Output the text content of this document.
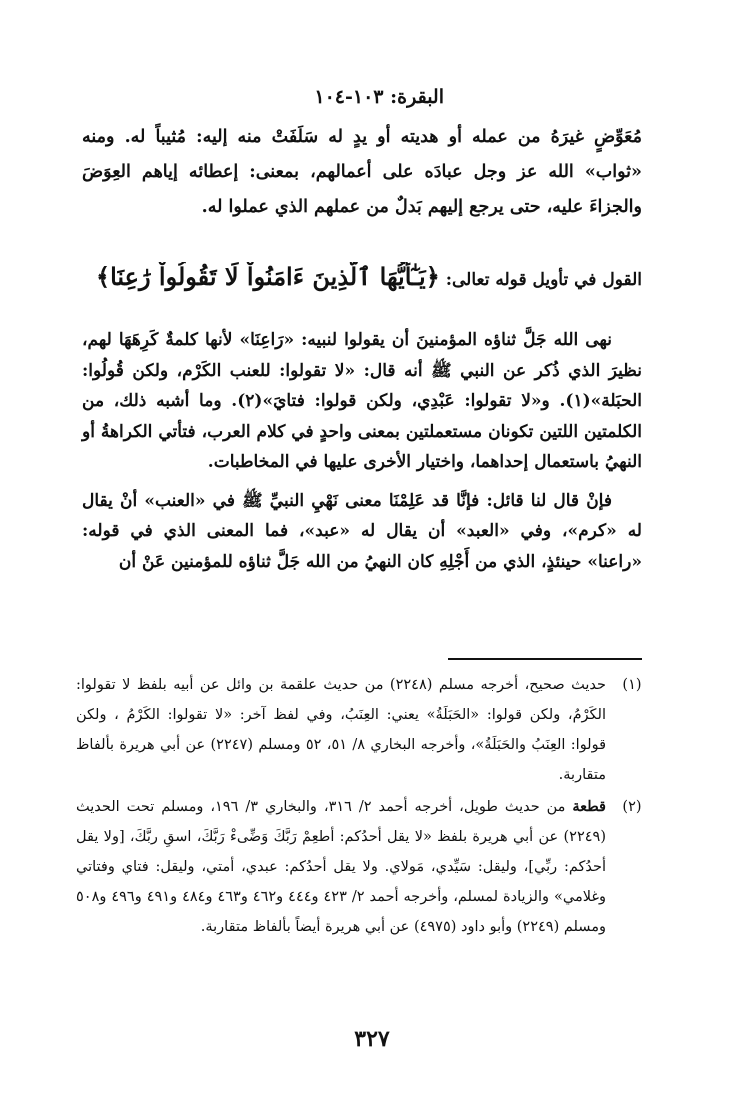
البقرة: ١٠٣-١٠٤

مُعَوِّضٍ غيرَهُ من عمله أو هديته أو يدٍ له سَلَفَتْ منه إليه: مُثيباً له. ومنه «ثواب» الله عز وجل عبادَه على أعمالهم، بمعنى: إعطائه إياهم العِوَضَ والجزاءَ عليه، حتى يرجع إليهم بَدلٌ من عملهم الذي عملوا له.

القول في تأويل قوله تعالى: ﴿يَـٰٓأَيُّهَا ٱلَّذِينَ ءَامَنُواْ لَا تَقُولُواْ رَٰعِنَا﴾

نهى الله جَلَّ ثناؤه المؤمنينَ أن يقولوا لنبيه: «رَاعِنَا» لأنها كلمةٌ كَرِهَهَا لهم، نظيرَ الذي ذُكر عن النبي ﷺ أنه قال: «لا تقولوا: للعنب الكَرْم، ولكن قُولُوا: الحبَلة»(١). و«لا تقولوا: عَبْدِي، ولكن قولوا: فتايَ»(٢). وما أشبه ذلك، من الكلمتين اللتين تكونان مستعملتين بمعنى واحدٍ في كلام العرب، فتأتي الكراهةُ أو النهيُ باستعمال إحداهما، واختيار الأخرى عليها في المخاطبات.

فإنْ قال لنا قائل: فإنَّا قد عَلِمْنَا معنى نَهْيِ النبيِّ ﷺ في «العنب» أنْ يقال له «كرم»، وفي «العبد» أن يقال له «عبد»، فما المعنى الذي في قوله: «راعنا» حينئذٍ، الذي من أَجْلِهِ كان النهيُ من الله جَلَّ ثناؤه للمؤمنين عَنْ أن

(١)
حديث صحيح، أخرجه مسلم (٢٢٤٨) من حديث علقمة بن وائل عن أبيه بلفظ لا تقولوا: الكَرْمُ، ولكن قولوا: «الحَبَلَةُ» يعني: العِنَبُ، وفي لفظ آخر: «لا تقولوا: الكَرْمُ ، ولكن قولوا: العِنَبُ والحَبَلَةُ»، وأخرجه البخاري ٨/ ٥١، ٥٢ ومسلم (٢٢٤٧) عن أبي هريرة بألفاظ متقاربة.
(٢)
قطعة من حديث طويل، أخرجه أحمد ٢/ ٣١٦، والبخاري ٣/ ١٩٦، ومسلم تحت الحديث (٢٢٤٩) عن أبي هريرة بلفظ «لا يقل أحدُكم: أطعِمْ رَبَّكَ وَضِّىءْ رَبَّكَ، اسقِ ربَّكَ، [ولا يقل أحدُكم: ربِّي]، وليقل: سَيِّدي، مَولاي. ولا يقل أحدُكم: عبدي، أمتي، وليقل: فتاي وفتاتي وغلامي» والزيادة لمسلم، وأخرجه أحمد ٢/ ٤٢٣ و٤٤٤ و٤٦٢ و٤٦٣ و٤٨٤ و٤٩١ و٤٩٦ و٥٠٨ ومسلم (٢٢٤٩) وأبو داود (٤٩٧٥) عن أبي هريرة أيضاً بألفاظ متقاربة.
٣٢٧
